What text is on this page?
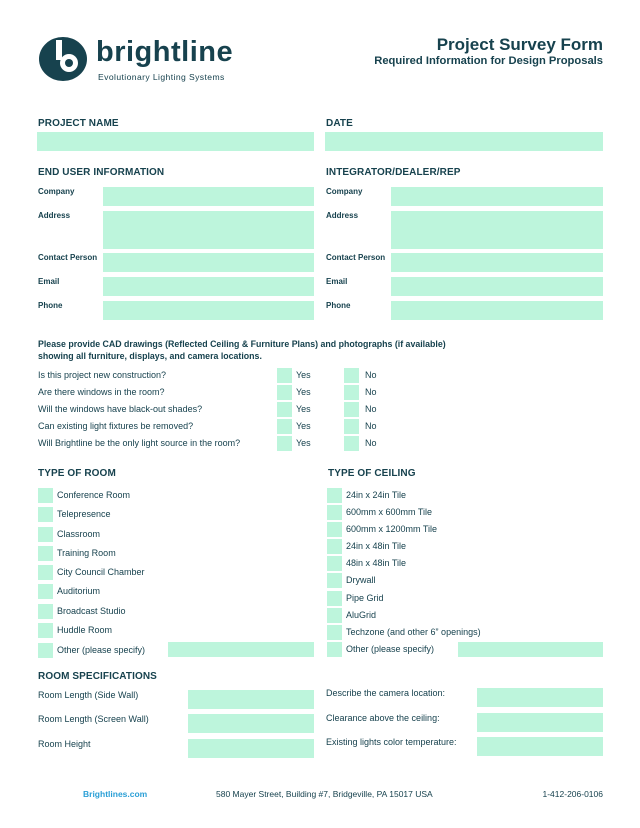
brightline
Evolutionary Lighting Systems
Project Survey Form
Required Information for Design Proposals
PROJECT NAME	DATE
END USER INFORMATION
Company
Address
Contact Person
Email
Phone
INTEGRATOR/DEALER/REP
Company
Address
Contact Person
Email
Phone
Please provide CAD drawings (Reflected Ceiling & Furniture Plans) and photographs (if available)
showing all furniture, displays, and camera locations.
Is this project new construction?	Yes	No
Are there windows in the room?	Yes	No
Will the windows have black-out shades?	Yes	No
Can existing light fixtures be removed?	Yes	No
Will Brightline be the only light source in the room?	Yes	No
TYPE OF ROOM
Conference Room
Telepresence
Classroom
Training Room
City Council Chamber
Auditorium
Broadcast Studio
Huddle Room
Other (please specify)
TYPE OF CEILING
24in x 24in Tile
600mm x 600mm Tile
600mm x 1200mm Tile
24in x 48in Tile
48in x 48in Tile
Drywall
Pipe Grid
AluGrid
Techzone (and other 6” openings)
Other (please specify)
ROOM SPECIFICATIONS
Room Length (Side Wall)
Room Length (Screen Wall)
Room Height
Describe the camera location:
Clearance above the ceiling:
Existing lights color temperature:
Brightlines.com	580 Mayer Street, Building #7, Bridgeville, PA 15017 USA	1-412-206-0106
